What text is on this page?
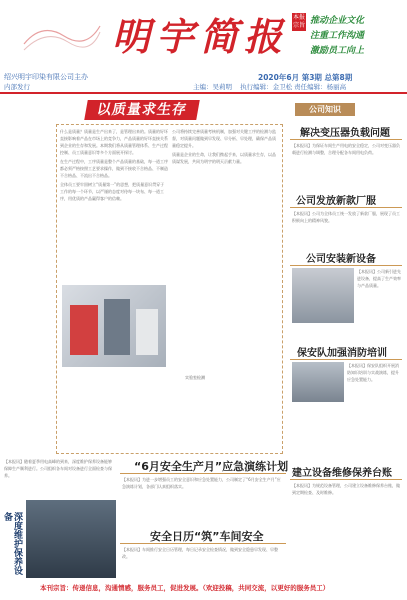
明宇简报 本报宗旨 推动企业文化
注重工作沟通
激励员工向上
绍兴明宇印染有限公司主办	2020年6月 第3期 总第8期
内部发行	主编：吴莉明 执行编辑：金卫松 责任编辑：杨丽高
以质量求生存

什么是质量？质量是生产出来了，是管理出来的。质量的好坏直接影响着产品在市场上的竞争力，产品质量的好坏直接关系到企业的生存和发展。本期我们将从质量管理体系、生产过程控制、员工质量意识等多个方面展开探讨。

在生产过程中，工序质量是整个产品质量的基础，每一道工序都必须严格按照工艺要求操作，做到不接收不合格品、不制造不合格品、不流出不合格品。

全体员工要牢固树立“质量第一”的思想，把质量意识贯穿于工作的每一个环节，以严谨的态度对待每一块布、每一道工序，用优质的产品赢得客户的信赖。

公司将持续完善质量考核机制，加强对关键工序的检测与监督，对质量问题做到早发现、早分析、早处理，确保产品质量稳定提升。

质量是企业的生命，让我们携起手来，以质量求生存，以品质谋发展，共同为明宇的明天贡献力量。

实验室检测
公司知识
解决变压器负载问题
【本报讯】为保证车间生产用电的安全稳定，公司对变压器负载进行检测与调整，合理分配各车间用电负荷。
公司发放新款厂服
【本报讯】公司为全体员工统一发放了新款厂服，展现了员工积极向上的精神风貌。
公司安装新设备
【本报讯】公司新引进先进设备，提高了生产效率与产品质量。
保安队加强消防培训
【本报讯】保安队组织开展消防知识培训与实战演练，提升应急处置能力。
建立设备维修保养台账
【本报讯】为规范设备管理，公司建立设备维修保养台账，做到定期检查、及时维修。
【本报讯】随着夏季用电高峰的到来，深度维护保养设备能够保障生产顺利进行。公司组织各车间对设备进行全面检查与保养。
深度维护保养设备
“6月安全生产月”应急演练计划
【本报讯】为进一步增强员工的安全意识和应急处置能力，公司制定了“6月安全生产月”应急演练计划，各部门认真组织落实。
安全日历“筑”车间安全
【本报讯】车间推行安全日历管理，每日记录安全检查情况，做到安全隐患早发现、早整改。
本刊宗旨：传递信息，沟通情感，服务员工，促进发展。（欢迎投稿，共同交流，以更好的服务员工）
